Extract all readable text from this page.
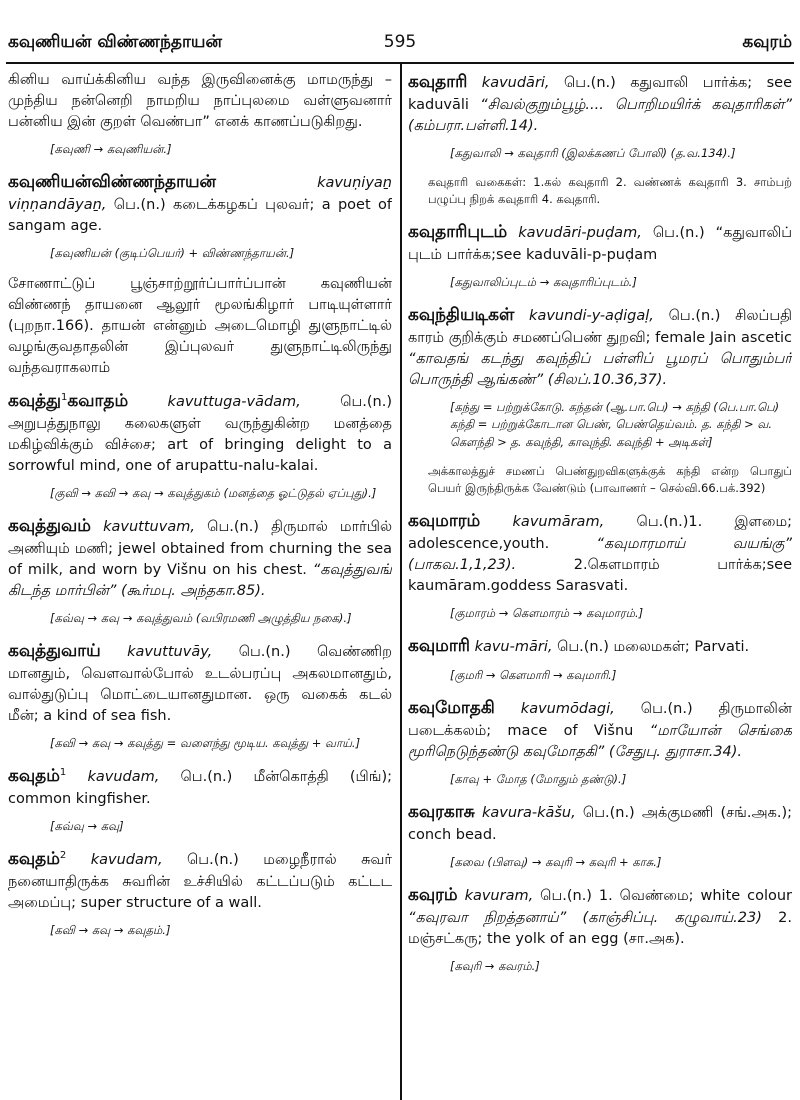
கவுணியன் விண்ணந்தாயன்	595	கவுரம்

கினிய வாய்க்கினிய வந்த இருவினைக்கு மாமருந்து –முந்திய நன்னெறி நாமறிய நாப்புலமை வள்ளுவனார் பன்னிய இன் குறள் வெண்பா” எனக் காணப்படுகிறது.

[கவுணி → கவுணியன்.]

கவுணியன்விண்ணந்தாயன்	kavuṇiyaṉ viṇṇandāyaṉ, பெ.(n.) கடைக்கழகப் புலவர்; a poet of sangam age.

[கவுணியன் (குடிப்பெயர்) + விண்ணந்தாயன்.]

சோணாட்டுப் பூஞ்சாற்றூர்ப்பார்ப்பான் கவுணியன் விண்ணந் தாயனை ஆலூர் மூலங்கிழார் பாடியுள்ளார் (புறநா.166). தாயன் என்னும் அடைமொழி துளுநாட்டில் வழங்குவதாதலின் இப்புலவர் துளுநாட்டிலிருந்து வந்தவராகலாம்

கவுத்து$^1$கவாதம்	kavuttuga-vādam,	பெ.(n.) அறுபத்துநாலு கலைகளுள் வருந்துகின்ற மனத்தை மகிழ்விக்கும் விச்சை; art of bringing delight to a sorrowful mind, one of arupattu-nalu-kalai.

[குவி → கவி → கவு → கவுத்துகம் (மனத்தை ஓட்டுதல் ஏப்புது).]

கவுத்துவம் kavuttuvam, பெ.(n.) திருமால் மார்பில் அணியும் மணி; jewel obtained from churning the sea of milk, and worn by Višnu on his chest. “கவுத்துவங் கிடந்த மார்பின்” (கூர்மபு. அந்தகா.85).

[கவ்வு → கவு → கவுத்துவம் (வபிரமணி அழுத்திய நகை).]

கவுத்துவாய் kavuttuvāy, பெ.(n.) வெண்ணிற மானதும், வெளவால்போல் உடல்பரப்பு அகலமானதும், வால்துடுப்பு மொட்டையானதுமான. ஒரு வகைக் கடல் மீன்; a kind of sea fish.

[கவி → கவு → கவுத்து = வளைந்து மூடிய. கவுத்து + வாய்.]

கவுதம்$^1$ kavudam, பெ.(n.) மீன்கொத்தி (பிங்); common kingfisher.

[கவ்வு → கவு]

கவுதம்$^2$ kavudam, பெ.(n.) மழைநீரால் சுவர் நனையாதிருக்க சுவரின் உச்சியில் கட்டப்படும் கட்டட அமைப்பு; super structure of a wall.

[கவி → கவு → கவுதம்.]

கவுதாரி kavudāri, பெ.(n.) கதுவாலி பார்க்க; see kaduvāli “சிவல்குறும்பூழ்.... பொறிமயிர்க் கவுதாரிகள்” (கம்பரா.பள்ளி.14).

[கதுவாலி → கவுதாரி (இலக்கணப் போலி) (த.வ.134).]

கவுதாரி வகைகள்: 1.கல் கவுதாரி 2. வண்ணக் கவுதாரி 3. சாம்பற் பழுப்பு நிறக் கவுதாரி 4. கவுதாரி.

கவுதாரிபுடம் kavudāri-puḍam, பெ.(n.) “கதுவாலிப் புடம் பார்க்க;see kaduvāli-p-puḍam

[கதுவாலிப்புடம் → கவுதாரிப்புடம்.]

கவுந்தியடிகள் kavundi-y-aḍigaḷ, பெ.(n.) சிலப்பதி காரம் குறிக்கும் சமணப்பெண் துறவி; female Jain ascetic “காவதங் கடந்து கவுந்திப் பள்ளிப் பூமரப் பொதும்பர் பொருந்தி ஆங்கண்” (சிலப்.10.36,37).

[கந்து = பற்றுக்கோடு. கந்தன் (ஆ.பா.பெ) → கந்தி (பெ.பா.பெ) கந்தி = பற்றுக்கோடான பெண், பெண்தெய்வம். த. கந்தி > வ. கௌந்தி > த. கவுந்தி, காவுந்தி. கவுந்தி + அடிகள்]

அக்காலத்துச் சமணப் பெண்துறவிகளுக்குக் கந்தி என்ற பொதுப் பெயர் இருந்திருக்க வேண்டும் (பாவாணர் – செல்வி.66.பக்.392)

கவுமாரம் kavumāram, பெ.(n.)1. இளமை; adolescence,youth.	“கவுமாரமாய் வயங்கு” (பாகவ.1,1,23).	2.கௌமாரம் பார்க்க;see kaumāram.goddess Sarasvati.

[குமாரம் → கௌமாரம் → கவுமாரம்.]

கவுமாரி kavu-māri, பெ.(n.) மலைமகள்; Parvati.

[குமரி → கௌமாரி → கவுமாரி.]

கவுமோதகி kavumōdagi, பெ.(n.) திருமாலின் படைக்கலம்; mace of Višnu “மாயோன் செங்கை மூரிநெடுந்தண்டு கவுமோதகி” (சேதுபு. துராசா.34).

[காவு + மோத (மோதும் தண்டு).]

கவுரகாசு kavura-kāšu, பெ.(n.) அக்குமணி (சங்.அக.); conch bead.

[கவை (பிளவு) → கவுரி → கவுரி + காசு.]

கவுரம் kavuram, பெ.(n.) 1. வெண்மை; white colour “கவுரவா நிறத்தனாய்” (காஞ்சிப்பு. கழுவாய்.23) 2. மஞ்சட்கரு; the yolk of an egg (சா.அக).

[கவுரி → கவரம்.]
